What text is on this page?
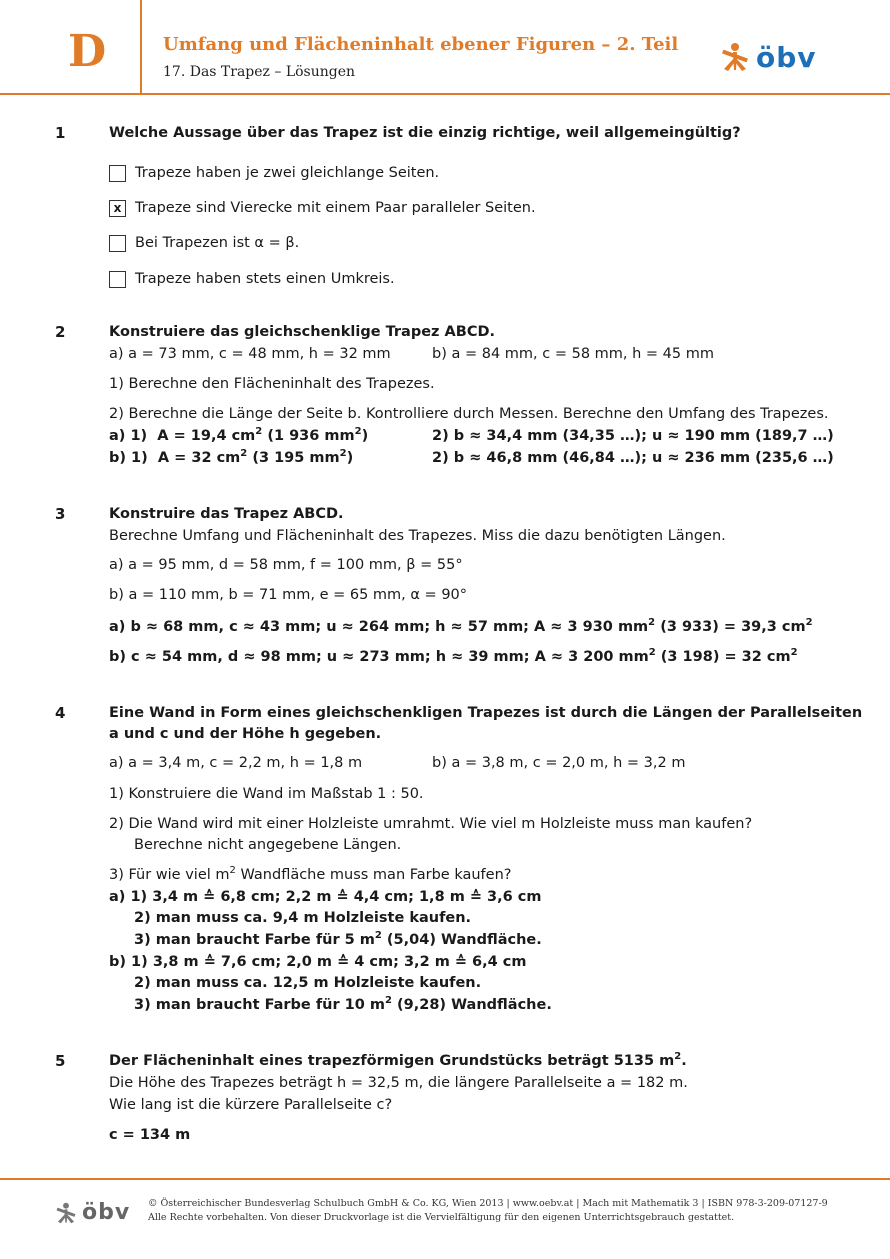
D	Umfang und Flächeninhalt ebener Figuren – 2. Teil
17. Das Trapez – Lösungen	öbv
1	Welche Aussage über das Trapez ist die einzig richtige, weil allgemeingültig?
Trapeze haben je zwei gleichlange Seiten.
x Trapeze sind Vierecke mit einem Paar paralleler Seiten.
Bei Trapezen ist α = β.
Trapeze haben stets einen Umkreis.
2	Konstruiere das gleichschenklige Trapez ABCD.
a) a = 73 mm, c = 48 mm, h = 32 mm	b) a = 84 mm, c = 58 mm, h = 45 mm
1) Berechne den Flächeninhalt des Trapezes.
2) Berechne die Länge der Seite b. Kontrolliere durch Messen. Berechne den Umfang des Trapezes.
a) 1) A = 19,4 $cm^2$ (1 936 $mm^2$)	2) b ≈ 34,4 mm (34,35 …); u ≈ 190 mm (189,7 …)
b) 1) A = 32 $cm^2$ (3 195 $mm^2$)	2) b ≈ 46,8 mm (46,84 …); u ≈ 236 mm (235,6 …)
3	Konstruire das Trapez ABCD.
Berechne Umfang und Flächeninhalt des Trapezes. Miss die dazu benötigten Längen.
a) a = 95 mm, d = 58 mm, f = 100 mm, β = 55°
b) a = 110 mm, b = 71 mm, e = 65 mm, α = 90°
a) b ≈ 68 mm, c ≈ 43 mm; u ≈ 264 mm; h ≈ 57 mm; A ≈ 3 930 $mm^2$ (3 933) = 39,3 $cm^2$
b) c ≈ 54 mm, d ≈ 98 mm; u ≈ 273 mm; h ≈ 39 mm; A ≈ 3 200 $mm^2$ (3 198) = 32 $cm^2$
4	Eine Wand in Form eines gleichschenkligen Trapezes ist durch die Längen der Parallelseiten
a und c und der Höhe h gegeben.
a) a = 3,4 m, c = 2,2 m, h = 1,8 m	b) a = 3,8 m, c = 2,0 m, h = 3,2 m
1) Konstruiere die Wand im Maßstab 1 : 50.
2) Die Wand wird mit einer Holzleiste umrahmt. Wie viel m Holzleiste muss man kaufen?
Berechne nicht angegebene Längen.
3) Für wie viel $m^2$ Wandfläche muss man Farbe kaufen?
a) 1) 3,4 m ≙ 6,8 cm; 2,2 m ≙ 4,4 cm; 1,8 m ≙ 3,6 cm
2) man muss ca. 9,4 m Holzleiste kaufen.
3) man braucht Farbe für 5 $m^2$ (5,04) Wandfläche.
b) 1) 3,8 m ≙ 7,6 cm; 2,0 m ≙ 4 cm; 3,2 m ≙ 6,4 cm
2) man muss ca. 12,5 m Holzleiste kaufen.
3) man braucht Farbe für 10 $m^2$ (9,28) Wandfläche.
5	Der Flächeninhalt eines trapezförmigen Grundstücks beträgt 5135 $m^2$.
Die Höhe des Trapezes beträgt h = 32,5 m, die längere Parallelseite a = 182 m.
Wie lang ist die kürzere Parallelseite c?
c = 134 m
öbv © Österreichischer Bundesverlag Schulbuch GmbH & Co. KG, Wien 2013 | www.oebv.at | Mach mit Mathematik 3 | ISBN 978-3-209-07127-9
Alle Rechte vorbehalten. Von dieser Druckvorlage ist die Vervielfältigung für den eigenen Unterrichtsgebrauch gestattet.
